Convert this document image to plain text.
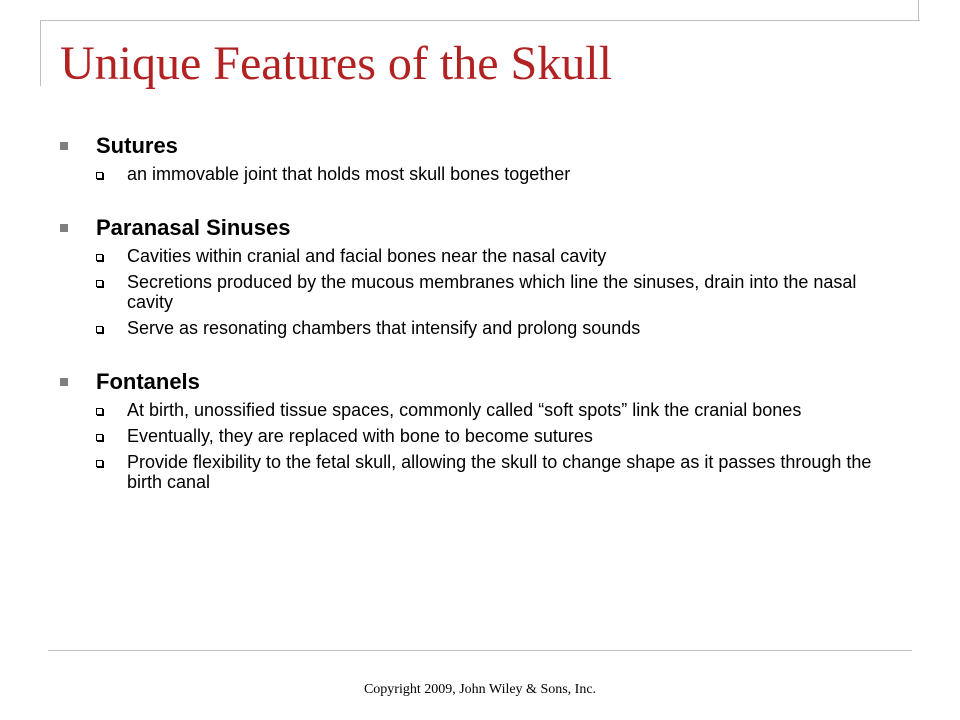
Unique Features of the Skull
Sutures
an immovable joint that holds most skull bones together
Paranasal Sinuses
Cavities within cranial and facial bones near the nasal cavity
Secretions produced by the mucous membranes which line the sinuses, drain into the nasal cavity
Serve as resonating chambers that intensify and prolong sounds
Fontanels
At birth, unossified tissue spaces, commonly called “soft spots” link the cranial bones
Eventually, they are replaced with bone to become sutures
Provide flexibility to the fetal skull, allowing the skull to change shape as it passes through the birth canal
Copyright 2009, John Wiley & Sons, Inc.
